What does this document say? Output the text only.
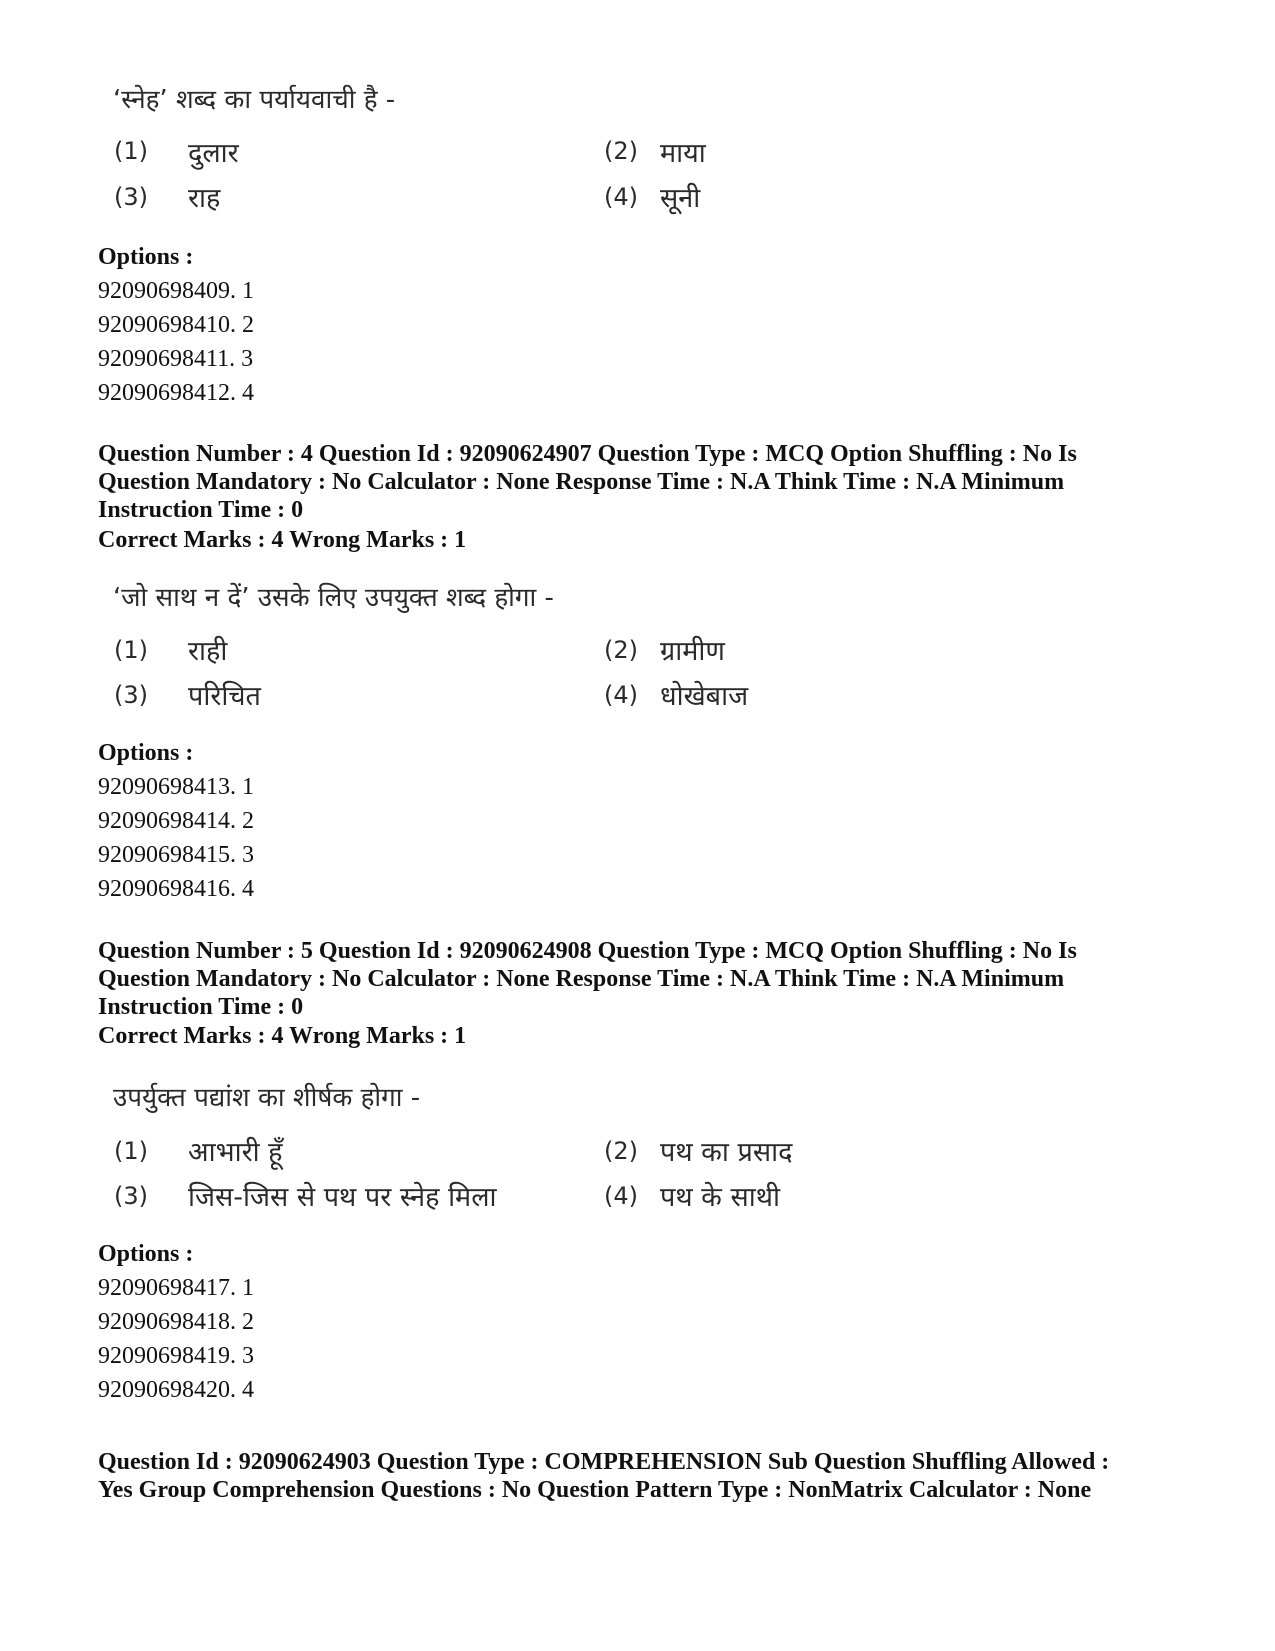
‘स्नेह’ शब्द का पर्यायवाची है -
(1) दुलार	(2) माया
(3) राह	(4) सूनी
Options :
92090698409. 1
92090698410. 2
92090698411. 3
92090698412. 4
Question Number : 4 Question Id : 92090624907 Question Type : MCQ Option Shuffling : No Is
Question Mandatory : No Calculator : None Response Time : N.A Think Time : N.A Minimum
Instruction Time : 0
Correct Marks : 4 Wrong Marks : 1
‘जो साथ न दें’ उसके लिए उपयुक्त शब्द होगा -
(1) राही	(2) ग्रामीण
(3) परिचित	(4) धोखेबाज
Options :
92090698413. 1
92090698414. 2
92090698415. 3
92090698416. 4
Question Number : 5 Question Id : 92090624908 Question Type : MCQ Option Shuffling : No Is
Question Mandatory : No Calculator : None Response Time : N.A Think Time : N.A Minimum
Instruction Time : 0
Correct Marks : 4 Wrong Marks : 1
उपर्युक्त पद्यांश का शीर्षक होगा -
(1) आभारी हूँ	(2) पथ का प्रसाद
(3) जिस-जिस से पथ पर स्नेह मिला	(4) पथ के साथी
Options :
92090698417. 1
92090698418. 2
92090698419. 3
92090698420. 4
Question Id : 92090624903 Question Type : COMPREHENSION Sub Question Shuffling Allowed :
Yes Group Comprehension Questions : No Question Pattern Type : NonMatrix Calculator : None
